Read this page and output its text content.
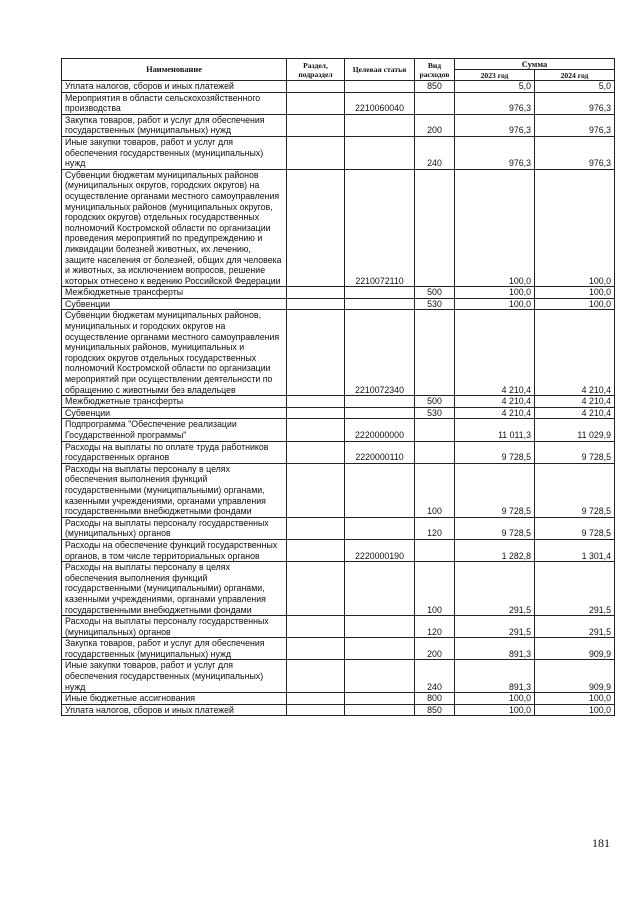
Наименование	Раздел, подраздел	Целевая статья	Вид расходов	Сумма	
				2023 год	2024 год
Уплата налогов, сборов и иных платежей			850	5,0	5,0
Мероприятия в области сельскохозяйственного производства		2210060040		976,3	976,3
Закупка товаров, работ и услуг для обеспечения государственных (муниципальных) нужд			200	976,3	976,3
Иные закупки товаров, работ и услуг для обеспечения государственных (муниципальных) нужд			240	976,3	976,3
Субвенции бюджетам муниципальных районов (муниципальных округов, городских округов) на осуществление органами местного самоуправления муниципальных районов (муниципальных округов, городских округов) отдельных государственных полномочий Костромской области по организации проведения мероприятий по предупреждению и ликвидации болезней животных, их лечению, защите населения от болезней, общих для человека и животных, за исключением вопросов, решение которых отнесено к ведению Российской Федерации		2210072110		100,0	100,0
Межбюджетные трансферты			500	100,0	100,0
Субвенции			530	100,0	100,0
Субвенции бюджетам муниципальных районов, муниципальных и городских округов на осуществление органами местного самоуправления муниципальных районов, муниципальных и городских округов отдельных государственных полномочий Костромской области по организации мероприятий при осуществлении деятельности по обращению с животными без владельцев		2210072340		4 210,4	4 210,4
Межбюджетные трансферты			500	4 210,4	4 210,4
Субвенции			530	4 210,4	4 210,4
Подпрограмма "Обеспечение реализации Государственной программы"		2220000000		11 011,3	11 029,9
Расходы на выплаты по оплате труда работников государственных органов		2220000110		9 728,5	9 728,5
Расходы на выплаты персоналу в целях обеспечения выполнения функций государственными (муниципальными) органами, казенными учреждениями, органами управления государственными внебюджетными фондами			100	9 728,5	9 728,5
Расходы на выплаты персоналу государственных (муниципальных) органов			120	9 728,5	9 728,5
Расходы на обеспечение функций государственных органов, в том числе территориальных органов		2220000190		1 282,8	1 301,4
Расходы на выплаты персоналу в целях обеспечения выполнения функций государственными (муниципальными) органами, казенными учреждениями, органами управления государственными внебюджетными фондами			100	291,5	291,5
Расходы на выплаты персоналу государственных (муниципальных) органов			120	291,5	291,5
Закупка товаров, работ и услуг для обеспечения государственных (муниципальных) нужд			200	891,3	909,9
Иные закупки товаров, работ и услуг для обеспечения государственных (муниципальных) нужд			240	891,3	909,9
Иные бюджетные ассигнования			800	100,0	100,0
Уплата налогов, сборов и иных платежей			850	100,0	100,0
181
